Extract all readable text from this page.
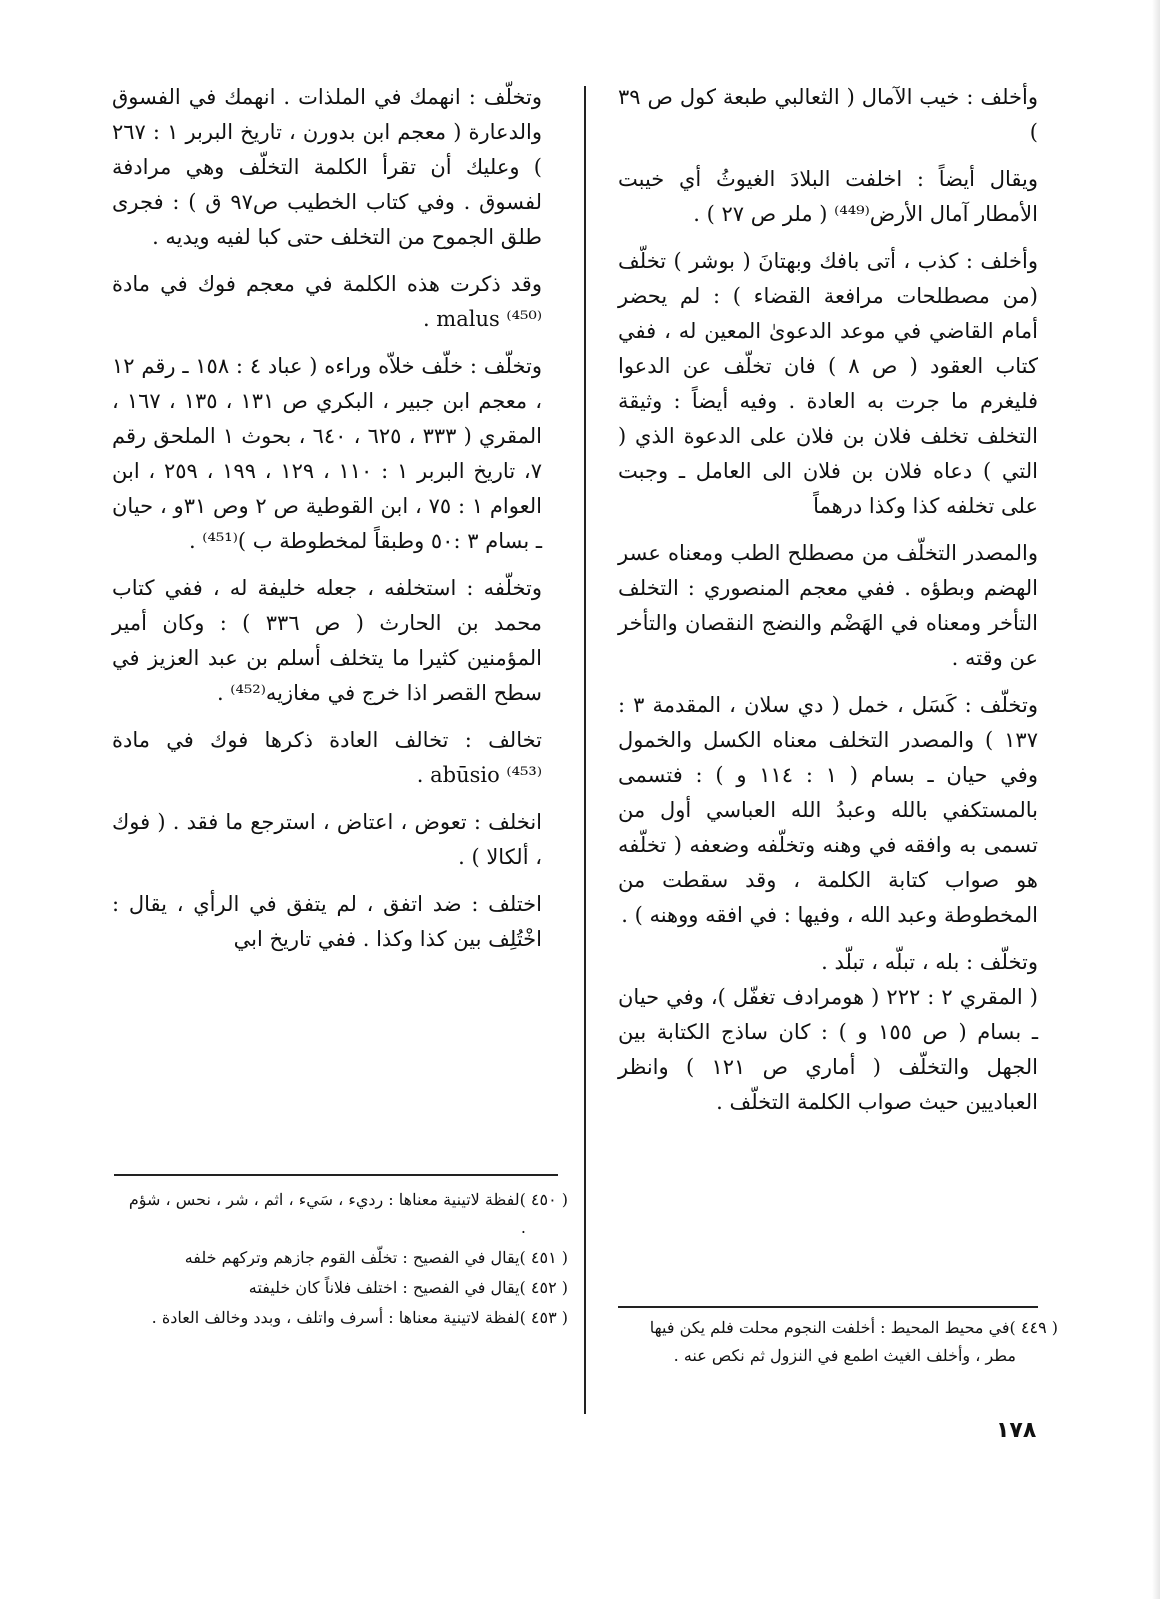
وأخلف : خيب الآمال ( الثعالبي طبعة كول ص ٣٩ )

ويقال أيضاً : اخلفت البلادَ الغيوثُ أي خيبت الأمطار آمال الأرض⁽⁴⁴⁹⁾ ( ملر ص ٢٧ ) .

وأخلف : كذب ، أتى بافك وبهتانَ ( بوشر ) تخلّف (من مصطلحات مرافعة القضاء ) : لم يحضر أمام القاضي في موعد الدعوىٰ المعين له ، ففي كتاب العقود ( ص ٨ ) فان تخلّف عن الدعوا فليغرم ما جرت به العادة . وفيه أيضاً : وثيقة التخلف تخلف فلان بن فلان على الدعوة الذي ( التي ) دعاه فلان بن فلان الى العامل ـ وجبت على تخلفه كذا وكذا درهماً

والمصدر التخلّف من مصطلح الطب ومعناه عسر الهضم وبطؤه . ففي معجم المنصوري : التخلف التأخر ومعناه في الهَضْم والنضج النقصان والتأخر عن وقته .

وتخلّف : كَسَل ، خمل ( دي سلان ، المقدمة ٣ : ١٣٧ ) والمصدر التخلف معناه الكسل والخمول وفي حيان ـ بسام ( ١ : ١١٤ و ) : فتسمى بالمستكفي بالله وعبدُ الله العباسي أول من تسمى به وافقه في وهنه وتخلّفه وضعفه ( تخلّفه هو صواب كتابة الكلمة ، وقد سقطت من المخطوطة وعبد الله ، وفيها : في افقه ووهنه ) .

وتخلّف : بله ، تبلّه ، تبلّد .

( المقري ٢ : ٢٢٢ ( هومرادف تغفّل )، وفي حيان ـ بسام ( ص ١٥٥ و ) : كان ساذج الكتابة بين الجهل والتخلّف ( أماري ص ١٢١ ) وانظر العباديين حيث صواب الكلمة التخلّف .

وتخلّف : انهمك في الملذات . انهمك في الفسوق والدعارة ( معجم ابن بدورن ، تاريخ البربر ١ : ٢٦٧ ) وعليك أن تقرأ الكلمة التخلّف وهي مرادفة لفسوق . وفي كتاب الخطيب ص٩٧ ق ) : فجرى طلق الجموح من التخلف حتى كبا لفيه ويديه .

وقد ذكرت هذه الكلمة في معجم فوك في مادة malus ⁽⁴⁵⁰⁾ .

وتخلّف : خلّف خلاّه وراءه ( عباد ٤ : ١٥٨ ـ رقم ١٢ ، معجم ابن جبير ، البكري ص ١٣١ ، ١٣٥ ، ١٦٧ ، المقري ( ٣٣٣ ، ٦٢٥ ، ٦٤٠ ، بحوث ١ الملحق رقم ٧، تاريخ البربر ١ : ١١٠ ، ١٢٩ ، ١٩٩ ، ٢٥٩ ، ابن العوام ١ : ٧٥ ، ابن القوطية ص ٢ وص ٣١و ، حيان ـ بسام ٣ :٥٠ وطبقاً لمخطوطة ب )⁽⁴⁵¹⁾ .

وتخلّفه : استخلفه ، جعله خليفة له ، ففي كتاب محمد بن الحارث ( ص ٣٣٦ ) : وكان أمير المؤمنين كثيرا ما يتخلف أسلم بن عبد العزيز في سطح القصر اذا خرج في مغازيه⁽⁴⁵²⁾ .

تخالف : تخالف العادة ذكرها فوك في مادة abūsio ⁽⁴⁵³⁾ .

انخلف : تعوض ، اعتاض ، استرجع ما فقد . ( فوك ، ألكالا ) .

اختلف : ضد اتفق ، لم يتفق في الرأي ، يقال : اخْتُلِف بين كذا وكذا . ففي تاريخ ابي

( ٤٥٠ )لفظة لاتينية معناها : رديء ، سَيء ، اثم ، شر ، نحس ، شؤم .

( ٤٥١ )يقال في الفصيح : تخلّف القوم جازهم وتركهم خلفه

( ٤٥٢ )يقال في الفصيح : اختلف فلاناً كان خليفته

( ٤٥٣ )لفظة لاتينية معناها : أسرف واتلف ، وبدد وخالف العادة .

( ٤٤٩ )في محيط المحيط : أخلفت النجوم محلت فلم يكن فيها مطر ، وأخلف الغيث اطمع في النزول ثم نكص عنه .

١٧٨
